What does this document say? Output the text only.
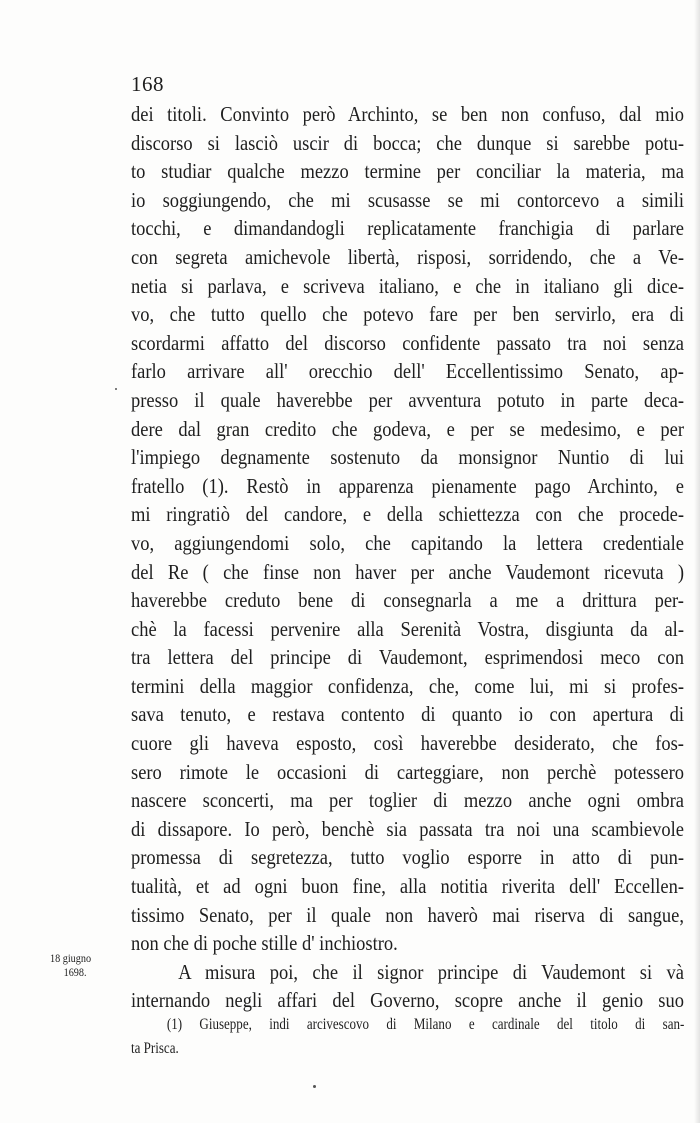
168
dei titoli. Convinto però Archinto, se ben non confuso, dal mio
discorso si lasciò uscir di bocca; che dunque si sarebbe potu-
to studiar qualche mezzo termine per conciliar la materia, ma
io soggiungendo, che mi scusasse se mi contorcevo a simili
tocchi, e dimandandogli replicatamente franchigia di parlare
con segreta amichevole libertà, risposi, sorridendo, che a Ve-
netia si parlava, e scriveva italiano, e che in italiano gli dice-
vo, che tutto quello che potevo fare per ben servirlo, era di
scordarmi affatto del discorso confidente passato tra noi senza
farlo arrivare all' orecchio dell' Eccellentissimo Senato, ap-
presso il quale haverebbe per avventura potuto in parte deca-
dere dal gran credito che godeva, e per se medesimo, e per
l'impiego degnamente sostenuto da monsignor Nuntio di lui
fratello (1). Restò in apparenza pienamente pago Archinto, e
mi ringratiò del candore, e della schiettezza con che procede-
vo, aggiungendomi solo, che capitando la lettera credentiale
del Re ( che finse non haver per anche Vaudemont ricevuta )
haverebbe creduto bene di consegnarla a me a drittura per-
chè la facessi pervenire alla Serenità Vostra, disgiunta da al-
tra lettera del principe di Vaudemont, esprimendosi meco con
termini della maggior confidenza, che, come lui, mi si profes-
sava tenuto, e restava contento di quanto io con apertura di
cuore gli haveva esposto, così haverebbe desiderato, che fos-
sero rimote le occasioni di carteggiare, non perchè potessero
nascere sconcerti, ma per toglier di mezzo anche ogni ombra
di dissapore. Io però, benchè sia passata tra noi una scambievole
promessa di segretezza, tutto voglio esporre in atto di pun-
tualità, et ad ogni buon fine, alla notitia riverita dell' Eccellen-
tissimo Senato, per il quale non haverò mai riserva di sangue,
non che di poche stille d' inchiostro.
A misura poi, che il signor principe di Vaudemont si và
internando negli affari del Governo, scopre anche il genio suo
18 giugno
1698.
(1) Giuseppe, indi arcivescovo di Milano e cardinale del titolo di san-
ta Prisca.
